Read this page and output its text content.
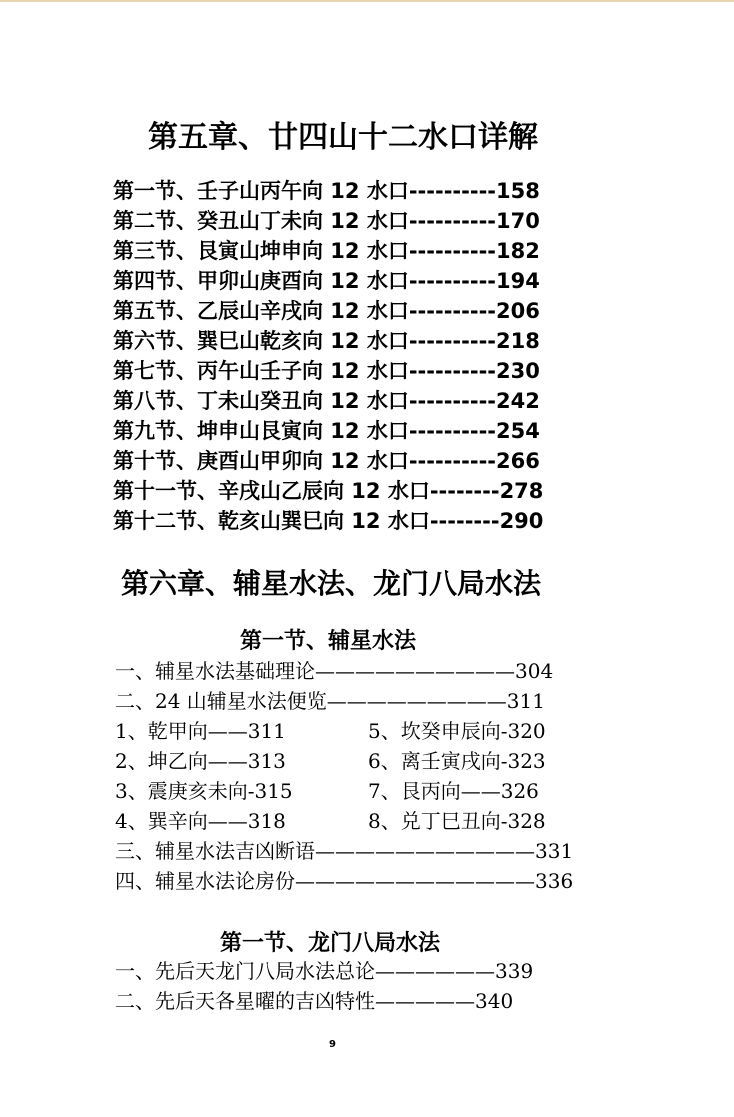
第五章、廿四山十二水口详解
第一节、壬子山丙午向 12 水口----------158
第二节、癸丑山丁未向 12 水口----------170
第三节、艮寅山坤申向 12 水口----------182
第四节、甲卯山庚酉向 12 水口----------194
第五节、乙辰山辛戌向 12 水口----------206
第六节、巽巳山乾亥向 12 水口----------218
第七节、丙午山壬子向 12 水口----------230
第八节、丁未山癸丑向 12 水口----------242
第九节、坤申山艮寅向 12 水口----------254
第十节、庚酉山甲卯向 12 水口----------266
第十一节、辛戌山乙辰向 12 水口--------278
第十二节、乾亥山巽巳向 12 水口--------290
第六章、辅星水法、龙门八局水法
第一节、辅星水法
一、辅星水法基础理论——————————304
二、24 山辅星水法便览—————————311
1、乾甲向——311
2、坤乙向——313
3、震庚亥未向-315
4、巽辛向——318
5、坎癸申辰向-320
6、离壬寅戌向-323
7、艮丙向——326
8、兑丁巳丑向-328
三、辅星水法吉凶断语———————————331
四、辅星水法论房份————————————336
第一节、龙门八局水法
一、先后天龙门八局水法总论——————339
二、先后天各星曜的吉凶特性—————340
9
